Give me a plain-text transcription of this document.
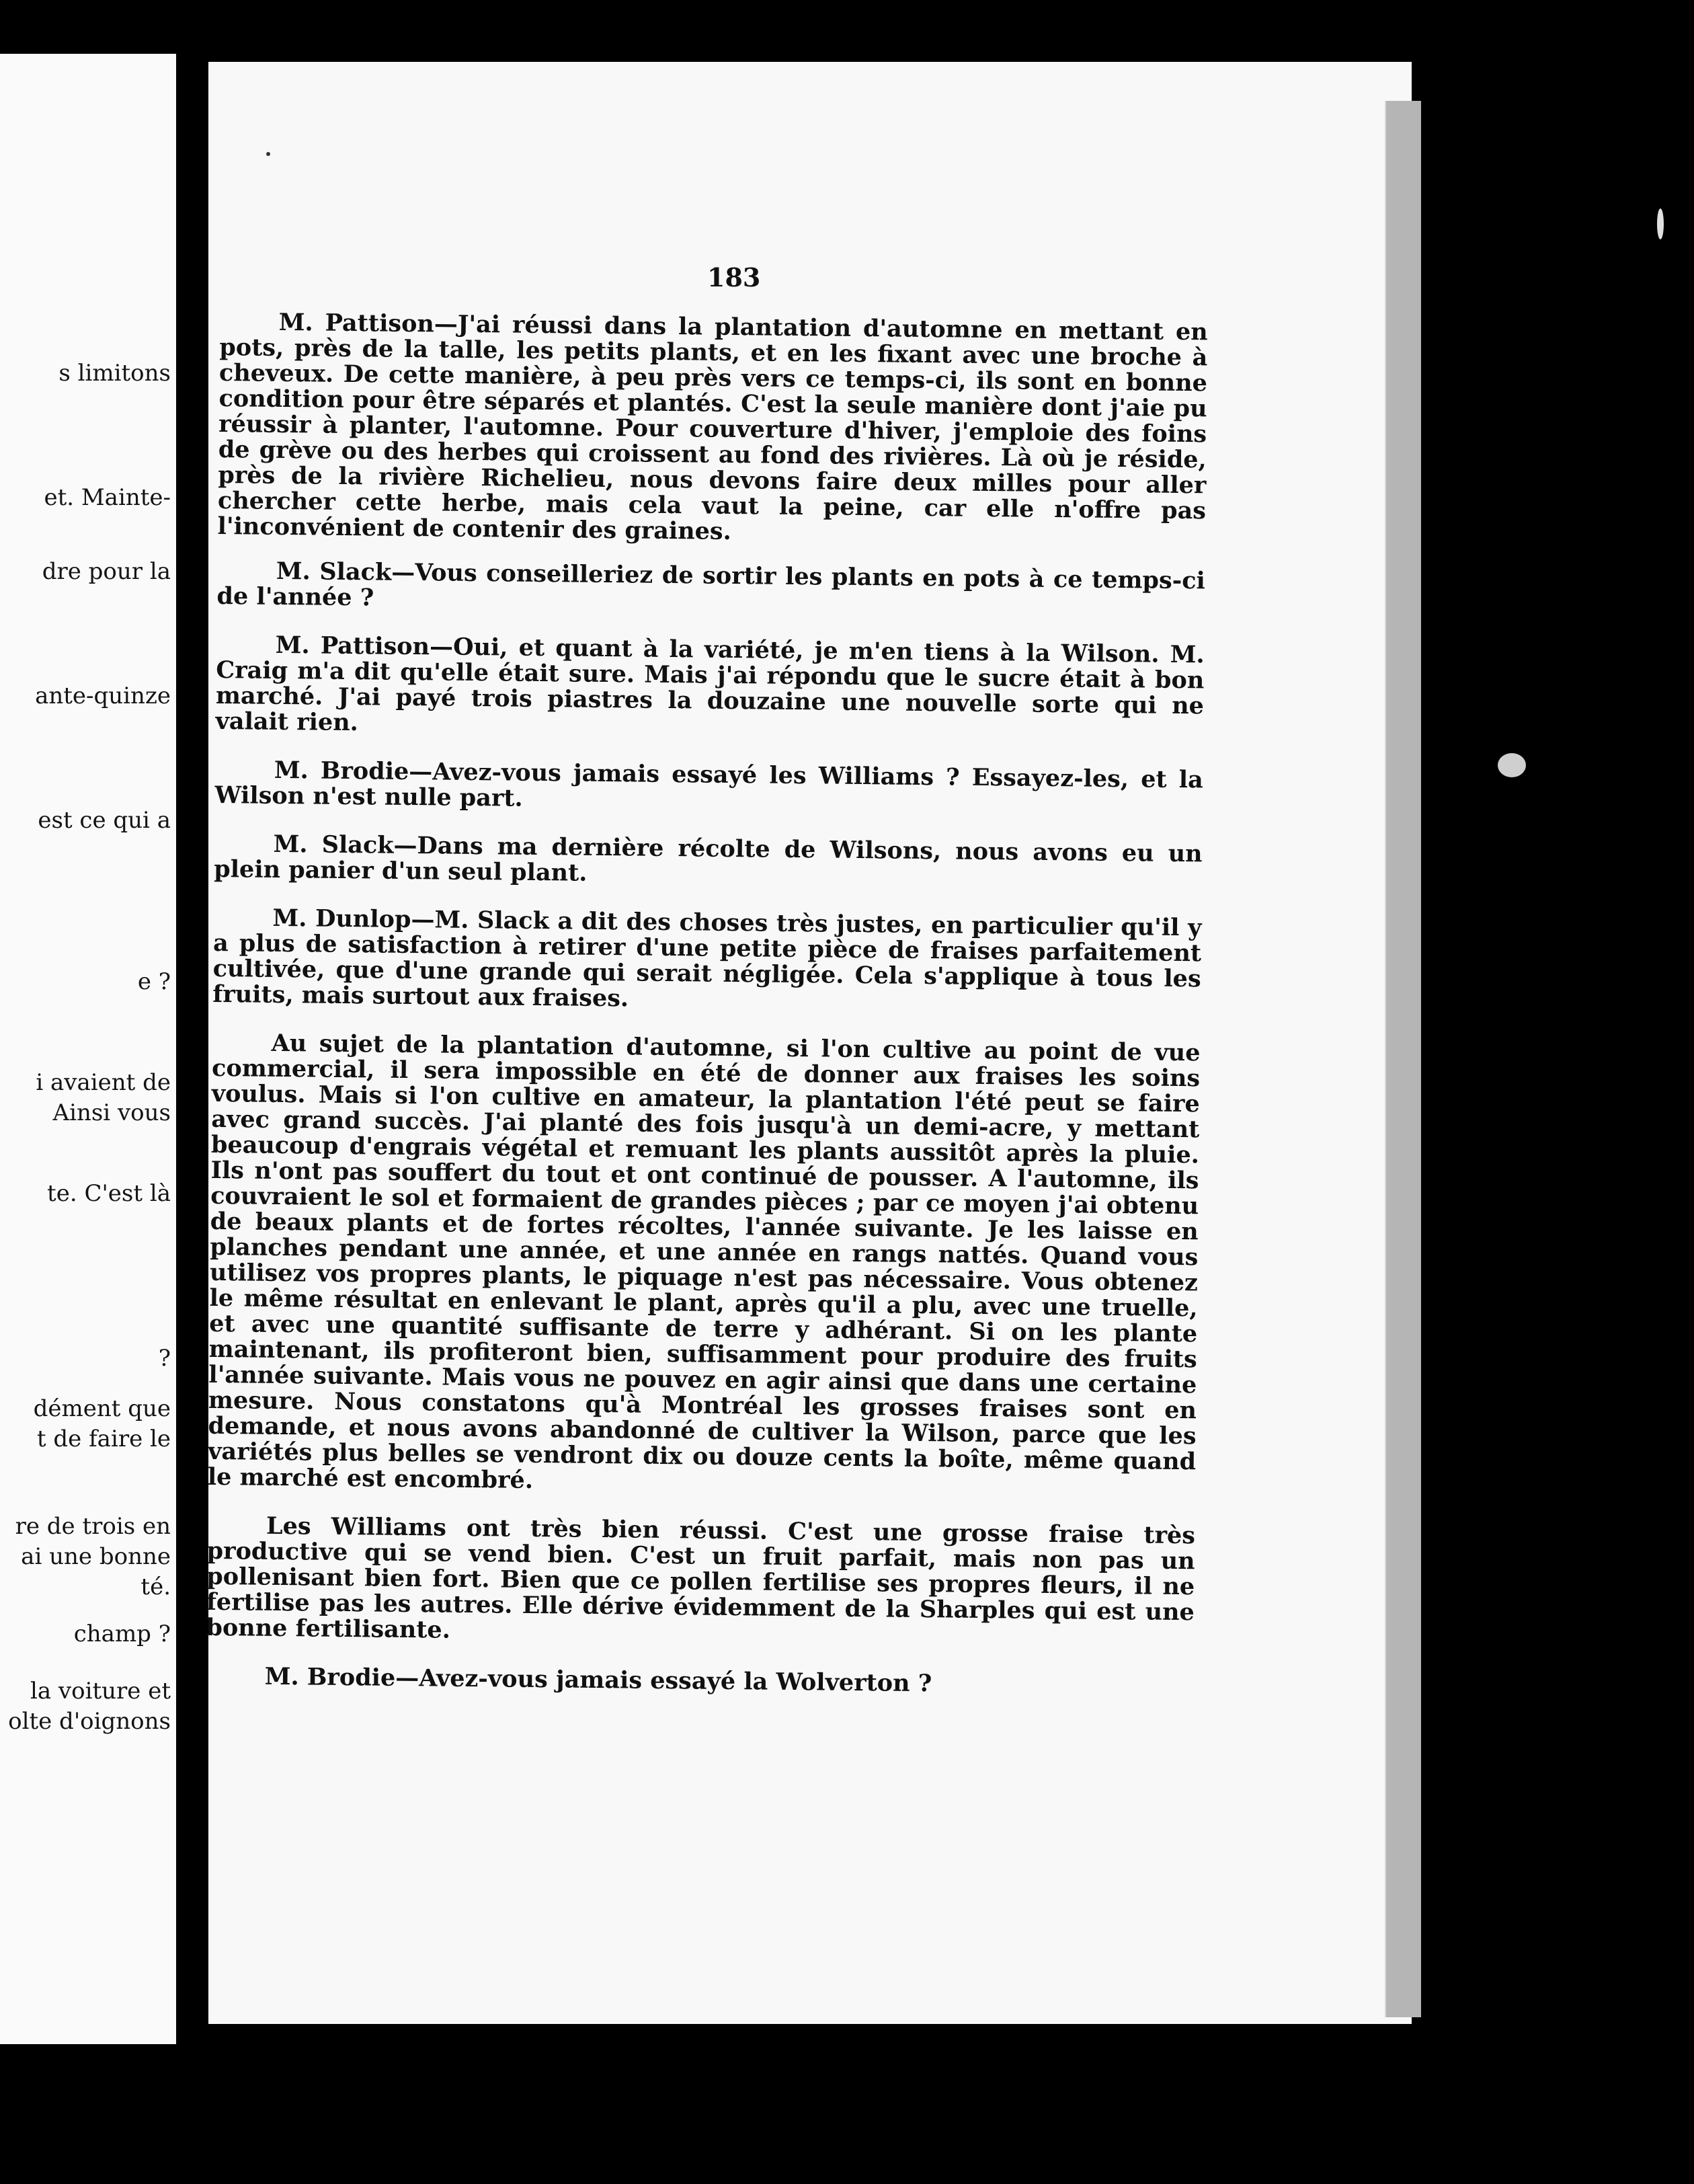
s limitons
et. Mainte-
dre pour la
ante-quinze
est ce qui a
e ?
i avaient de
Ainsi vous
te. C'est là
?
dément que
t de faire le
re de trois en
ai une bonne
té.
champ ?
la voiture et
olte d'oignons
183

M. Pattison—J'ai réussi dans la plantation d'automne en mettant en pots, près de la talle, les petits plants, et en les fixant avec une broche à cheveux. De cette manière, à peu près vers ce temps-ci, ils sont en bonne condition pour être séparés et plantés. C'est la seule manière dont j'aie pu réussir à planter, l'automne. Pour couverture d'hiver, j'emploie des foins de grève ou des herbes qui croissent au fond des rivières. Là où je réside, près de la rivière Richelieu, nous devons faire deux milles pour aller chercher cette herbe, mais cela vaut la peine, car elle n'offre pas l'inconvénient de contenir des graines.

M. Slack—Vous conseilleriez de sortir les plants en pots à ce temps-ci de l'année ?

M. Pattison—Oui, et quant à la variété, je m'en tiens à la Wilson. M. Craig m'a dit qu'elle était sure. Mais j'ai répondu que le sucre était à bon marché. J'ai payé trois piastres la douzaine une nouvelle sorte qui ne valait rien.

M. Brodie—Avez-vous jamais essayé les Williams ? Essayez-les, et la Wilson n'est nulle part.

M. Slack—Dans ma dernière récolte de Wilsons, nous avons eu un plein panier d'un seul plant.

M. Dunlop—M. Slack a dit des choses très justes, en particulier qu'il y a plus de satisfaction à retirer d'une petite pièce de fraises parfaitement cultivée, que d'une grande qui serait négligée. Cela s'applique à tous les fruits, mais surtout aux fraises.

Au sujet de la plantation d'automne, si l'on cultive au point de vue commercial, il sera impossible en été de donner aux fraises les soins voulus. Mais si l'on cultive en amateur, la plantation l'été peut se faire avec grand succès. J'ai planté des fois jusqu'à un demi-acre, y mettant beaucoup d'engrais végétal et remuant les plants aussitôt après la pluie. Ils n'ont pas souffert du tout et ont continué de pousser. A l'automne, ils couvraient le sol et formaient de grandes pièces ; par ce moyen j'ai obtenu de beaux plants et de fortes récoltes, l'année suivante. Je les laisse en planches pendant une année, et une année en rangs nattés. Quand vous utilisez vos propres plants, le piquage n'est pas nécessaire. Vous obtenez le même résultat en enlevant le plant, après qu'il a plu, avec une truelle, et avec une quantité suffisante de terre y adhérant. Si on les plante maintenant, ils profiteront bien, suffisamment pour produire des fruits l'année suivante. Mais vous ne pouvez en agir ainsi que dans une certaine mesure. Nous constatons qu'à Montréal les grosses fraises sont en demande, et nous avons abandonné de cultiver la Wilson, parce que les variétés plus belles se vendront dix ou douze cents la boîte, même quand le marché est encombré.

Les Williams ont très bien réussi. C'est une grosse fraise très productive qui se vend bien. C'est un fruit parfait, mais non pas un pollenisant bien fort. Bien que ce pollen fertilise ses propres fleurs, il ne fertilise pas les autres. Elle dérive évidemment de la Sharples qui est une bonne fertilisante.

M. Brodie—Avez-vous jamais essayé la Wolverton ?
